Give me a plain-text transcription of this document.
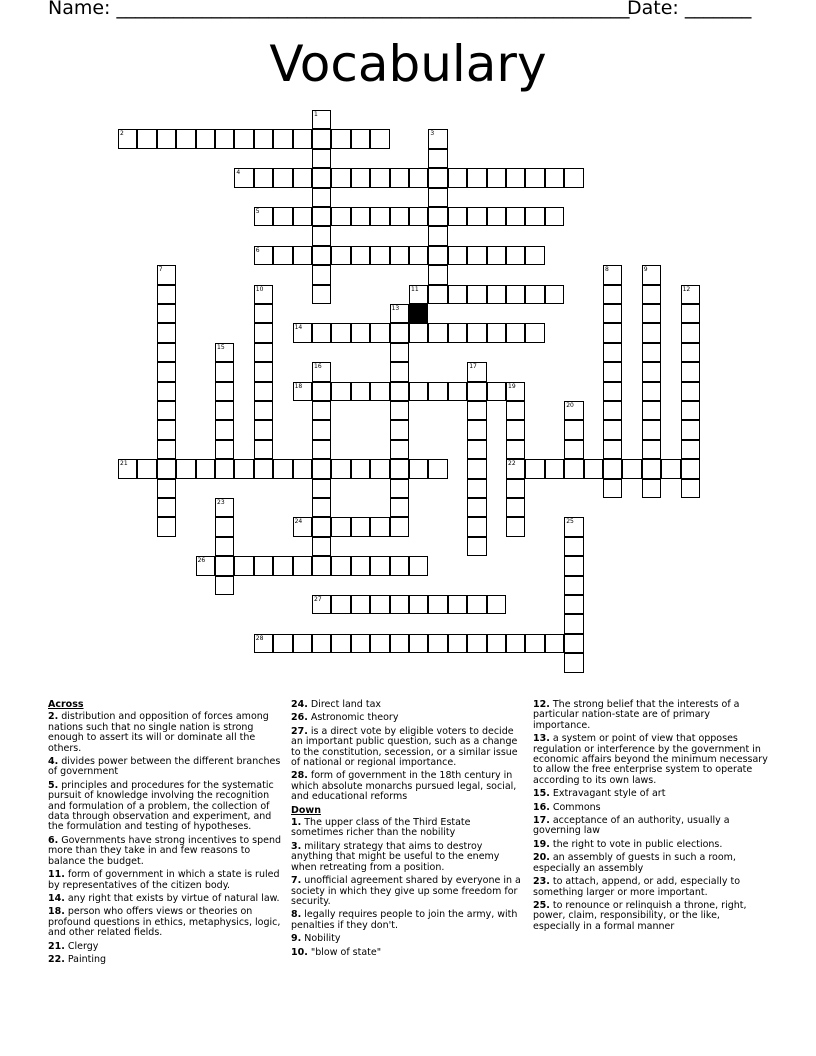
Name: ______________________________________________________
Date: _______
Vocabulary
1
2	3
4
5
6
7	8	9
10	11	12
13
14
15
16	17
18	19
22
20
21
23
24	25
26
27
28
Across
2. distribution and opposition of forces among nations such that no single nation is strong enough to assert its will or dominate all the others.
4. divides power between the different branches of government
5. principles and procedures for the systematic pursuit of knowledge involving the recognition and formulation of a problem, the collection of data through observation and experiment, and the formulation and testing of hypotheses.
6. Governments have strong incentives to spend more than they take in and few reasons to balance the budget.
11. form of government in which a state is ruled by representatives of the citizen body.
14. any right that exists by virtue of natural law.
18. person who offers views or theories on profound questions in ethics, metaphysics, logic, and other related fields.
21. Clergy
22. Painting
24. Direct land tax
26. Astronomic theory
27. is a direct vote by eligible voters to decide an important public question, such as a change to the constitution, secession, or a similar issue of national or regional importance.
28. form of government in the 18th century in which absolute monarchs pursued legal, social, and educational reforms
Down
1. The upper class of the Third Estate sometimes richer than the nobility
3. military strategy that aims to destroy anything that might be useful to the enemy when retreating from a position.
7. unofficial agreement shared by everyone in a society in which they give up some freedom for security.
8. legally requires people to join the army, with penalties if they don't.
9. Nobility
10. "blow of state"
12. The strong belief that the interests of a particular nation-state are of primary importance.
13. a system or point of view that opposes regulation or interference by the government in economic affairs beyond the minimum necessary to allow the free enterprise system to operate according to its own laws.
15. Extravagant style of art
16. Commons
17. acceptance of an authority, usually a governing law
19. the right to vote in public elections.
20. an assembly of guests in such a room, especially an assembly
23. to attach, append, or add, especially to something larger or more important.
25. to renounce or relinquish a throne, right, power, claim, responsibility, or the like, especially in a formal manner
